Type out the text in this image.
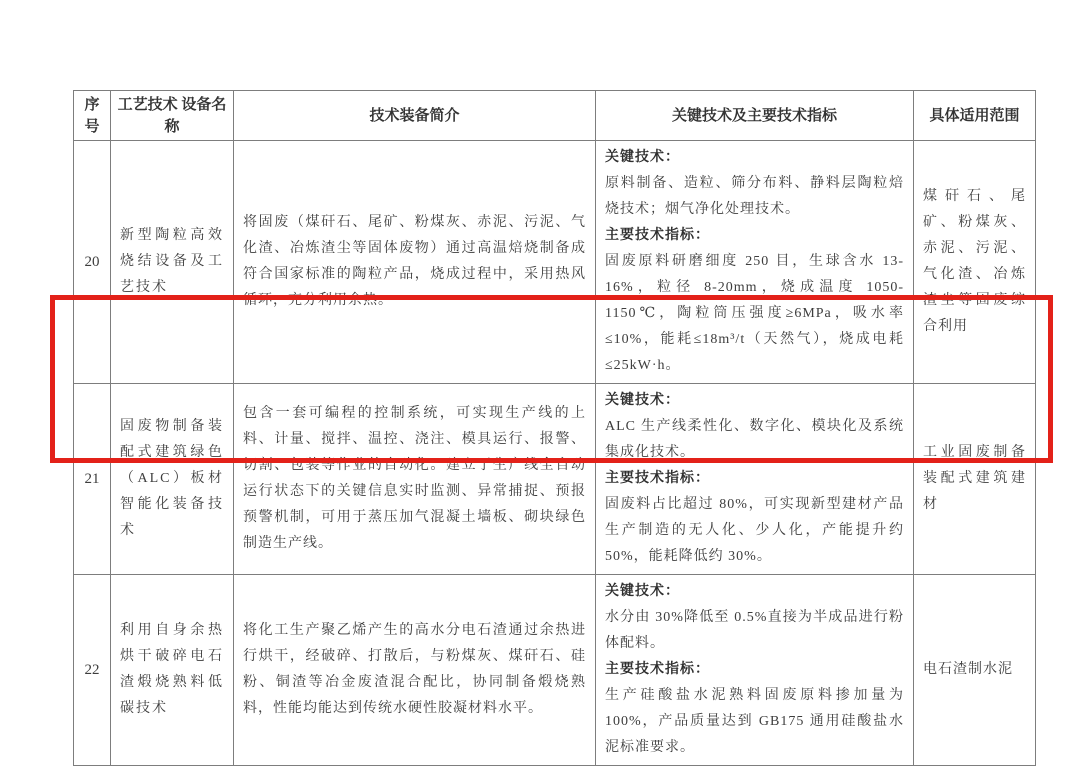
序号	工艺技术 设备名称	技术装备简介	关键技术及主要技术指标	具体适用范围
20	新型陶粒高效烧结设备及工艺技术	将固废（煤矸石、尾矿、粉煤灰、赤泥、污泥、气化渣、冶炼渣尘等固体废物）通过高温焙烧制备成符合国家标准的陶粒产品，烧成过程中，采用热风循环，充分利用余热。	关键技术：

原料制备、造粒、筛分布料、静料层陶粒焙烧技术；烟气净化处理技术。

主要技术指标：

固废原料研磨细度 250 目，生球含水 13-16%，粒径 8-20mm，烧成温度 1050-1150℃，陶粒筒压强度≥6MPa，吸水率≤10%，能耗≤18m³/t（天然气），烧成电耗≤25kW·h。	煤矸石、尾矿、粉煤灰、赤泥、污泥、气化渣、冶炼渣尘等固废综合利用
21	固废物制备装配式建筑绿色（ALC）板材智能化装备技术	包含一套可编程的控制系统，可实现生产线的上料、计量、搅拌、温控、浇注、模具运行、报警、切割、包装等作业的自动化。建立了生产线全自动运行状态下的关键信息实时监测、异常捕捉、预报预警机制，可用于蒸压加气混凝土墙板、砌块绿色制造生产线。	关键技术：

ALC 生产线柔性化、数字化、模块化及系统集成化技术。

主要技术指标：

固废料占比超过 80%，可实现新型建材产品生产制造的无人化、少人化，产能提升约 50%，能耗降低约 30%。	工业固废制备装配式建筑建材
22	利用自身余热烘干破碎电石渣煅烧熟料低碳技术	将化工生产聚乙烯产生的高水分电石渣通过余热进行烘干，经破碎、打散后，与粉煤灰、煤矸石、硅粉、铜渣等冶金废渣混合配比，协同制备煅烧熟料，性能均能达到传统水硬性胶凝材料水平。	关键技术：

水分由 30%降低至 0.5%直接为半成品进行粉体配料。

主要技术指标：

生产硅酸盐水泥熟料固废原料掺加量为 100%，产品质量达到 GB175 通用硅酸盐水泥标准要求。	电石渣制水泥
